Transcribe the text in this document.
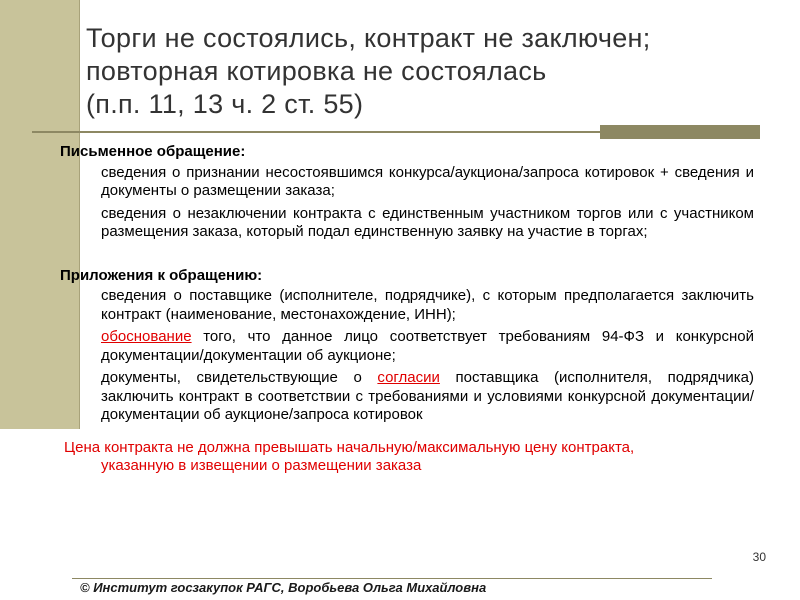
Торги не состоялись, контракт не заключен;
повторная котировка не состоялась
(п.п. 11, 13 ч. 2 ст. 55)

Письменное обращение:

сведения о признании несостоявшимся конкурса/аукциона/запроса котировок + сведения и документы о размещении заказа;
сведения о незаключении контракта с единственным участником торгов или с участником размещения заказа, который подал единственную заявку на участие в торгах;

Приложения к обращению:

сведения о поставщике (исполнителе, подрядчике), с которым предполагается заключить контракт (наименование, местонахождение, ИНН);
обоснование того, что данное лицо соответствует требованиям 94-ФЗ и конкурсной документации/документации об аукционе;
документы, свидетельствующие о согласии поставщика (исполнителя, подрядчика) заключить контракт в соответствии с требованиями и условиями конкурсной документации/документации об аукционе/запроса котировок
Цена контракта не должна превышать начальную/максимальную цену контракта,
указанную в извещении о размещении заказа
30
© Институт госзакупок РАГС, Воробьева Ольга Михайловна
